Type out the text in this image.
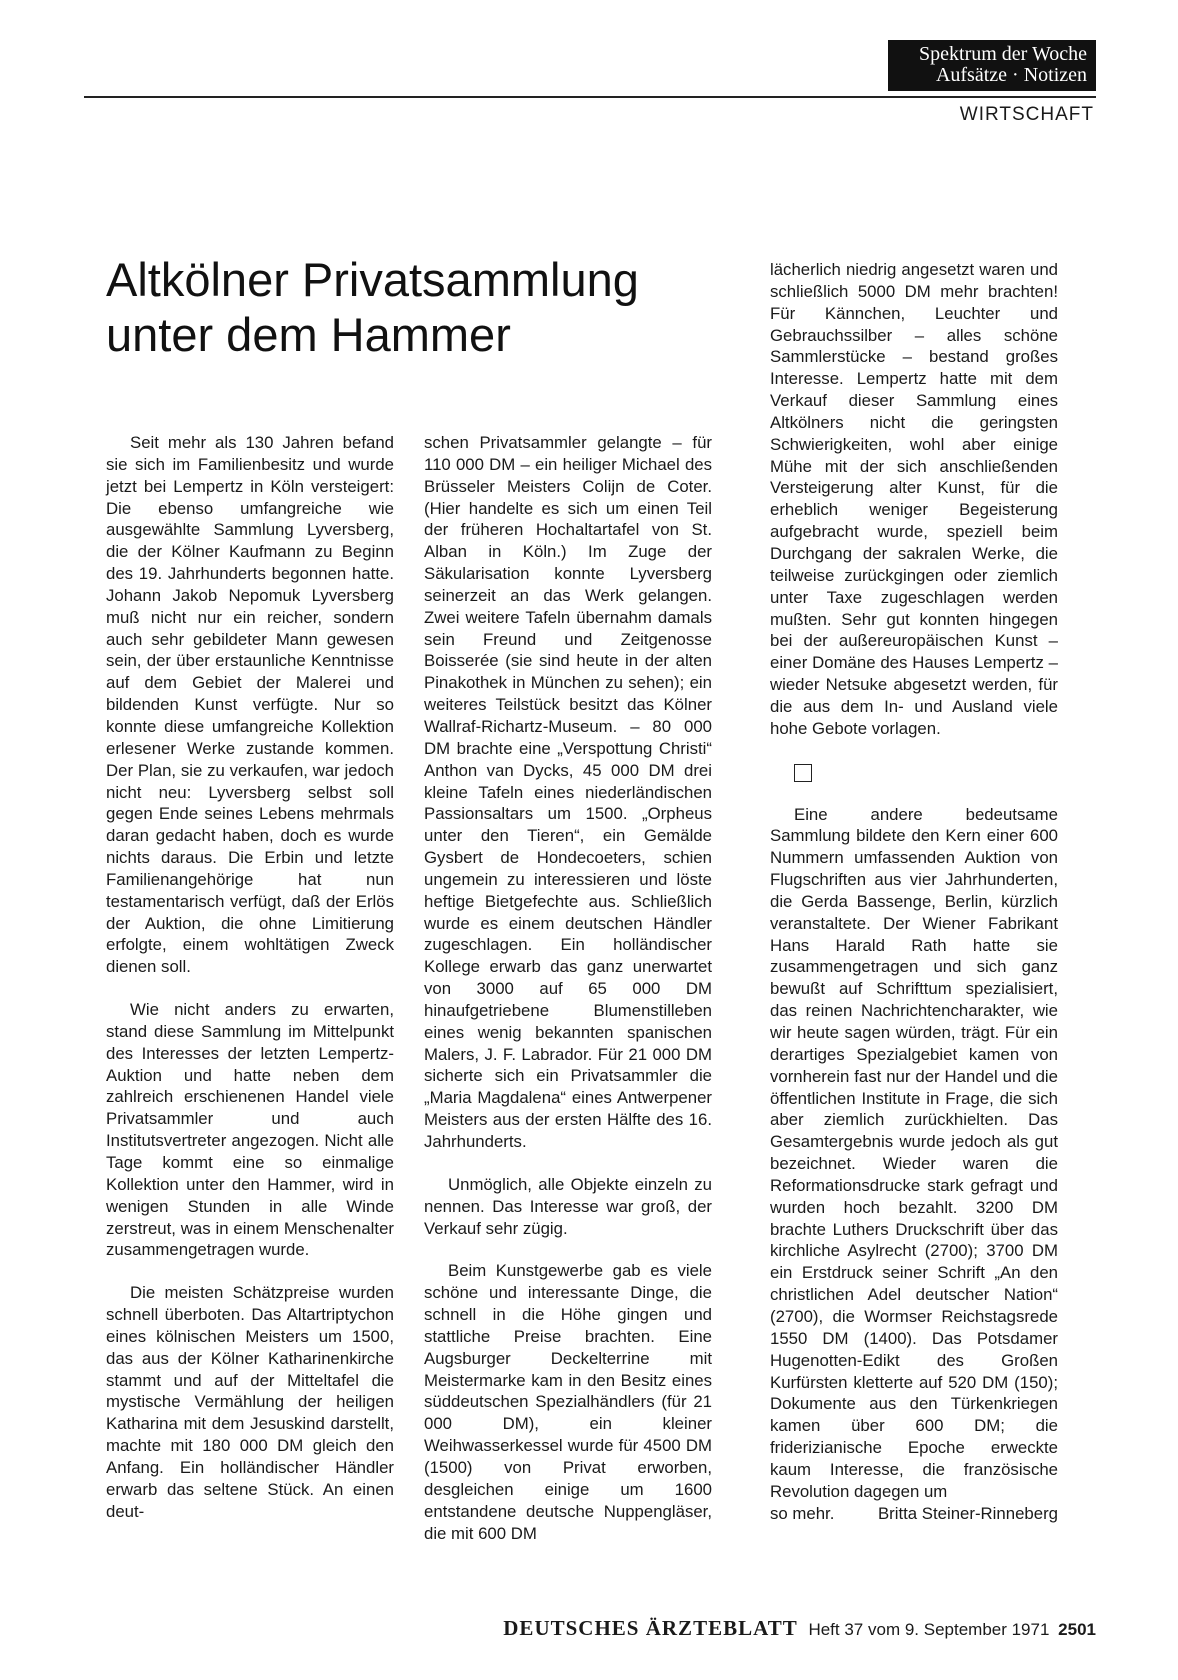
Spektrum der Woche
Aufsätze · Notizen
WIRTSCHAFT
Altkölner Privatsammlung
unter dem Hammer

Seit mehr als 130 Jahren befand sie sich im Familienbesitz und wurde jetzt bei Lempertz in Köln versteigert: Die ebenso umfangreiche wie ausgewählte Sammlung Lyversberg, die der Kölner Kaufmann zu Beginn des 19. Jahrhunderts begonnen hatte. Johann Jakob Nepomuk Lyversberg muß nicht nur ein reicher, sondern auch sehr gebildeter Mann gewesen sein, der über erstaunliche Kenntnisse auf dem Gebiet der Malerei und bildenden Kunst verfügte. Nur so konnte diese umfangreiche Kollektion erlesener Werke zustande kommen. Der Plan, sie zu verkaufen, war jedoch nicht neu: Lyversberg selbst soll gegen Ende seines Lebens mehrmals daran gedacht haben, doch es wurde nichts daraus. Die Erbin und letzte Familienangehörige hat nun testamentarisch verfügt, daß der Erlös der Auktion, die ohne Limitierung erfolgte, einem wohltätigen Zweck dienen soll.

Wie nicht anders zu erwarten, stand diese Sammlung im Mittelpunkt des Interesses der letzten Lempertz-Auktion und hatte neben dem zahlreich erschienenen Handel viele Privatsammler und auch Institutsvertreter angezogen. Nicht alle Tage kommt eine so einmalige Kollektion unter den Hammer, wird in wenigen Stunden in alle Winde zerstreut, was in einem Menschenalter zusammengetragen wurde.

Die meisten Schätzpreise wurden schnell überboten. Das Altartriptychon eines kölnischen Meisters um 1500, das aus der Kölner Katharinenkirche stammt und auf der Mitteltafel die mystische Vermählung der heiligen Katharina mit dem Jesuskind darstellt, machte mit 180 000 DM gleich den Anfang. Ein holländischer Händler erwarb das seltene Stück. An einen deut-

schen Privatsammler gelangte – für 110 000 DM – ein heiliger Michael des Brüsseler Meisters Colijn de Coter. (Hier handelte es sich um einen Teil der früheren Hochaltartafel von St. Alban in Köln.) Im Zuge der Säkularisation konnte Lyversberg seinerzeit an das Werk gelangen. Zwei weitere Tafeln übernahm damals sein Freund und Zeitgenosse Boisserée (sie sind heute in der alten Pinakothek in München zu sehen); ein weiteres Teilstück besitzt das Kölner Wallraf-Richartz-Museum. – 80 000 DM brachte eine „Verspottung Christi“ Anthon van Dycks, 45 000 DM drei kleine Tafeln eines niederländischen Passionsaltars um 1500. „Orpheus unter den Tieren“, ein Gemälde Gysbert de Hondecoeters, schien ungemein zu interessieren und löste heftige Bietgefechte aus. Schließlich wurde es einem deutschen Händler zugeschlagen. Ein holländischer Kollege erwarb das ganz unerwartet von 3000 auf 65 000 DM hinaufgetriebene Blumenstilleben eines wenig bekannten spanischen Malers, J. F. Labrador. Für 21 000 DM sicherte sich ein Privatsammler die „Maria Magdalena“ eines Antwerpener Meisters aus der ersten Hälfte des 16. Jahrhunderts.

Unmöglich, alle Objekte einzeln zu nennen. Das Interesse war groß, der Verkauf sehr zügig.

Beim Kunstgewerbe gab es viele schöne und interessante Dinge, die schnell in die Höhe gingen und stattliche Preise brachten. Eine Augsburger Deckelterrine mit Meistermarke kam in den Besitz eines süddeutschen Spezialhändlers (für 21 000 DM), ein kleiner Weihwasserkessel wurde für 4500 DM (1500) von Privat erworben, desgleichen einige um 1600 entstandene deutsche Nuppengläser, die mit 600 DM

lächerlich niedrig angesetzt waren und schließlich 5000 DM mehr brachten! Für Kännchen, Leuchter und Gebrauchssilber – alles schöne Sammlerstücke – bestand großes Interesse. Lempertz hatte mit dem Verkauf dieser Sammlung eines Altkölners nicht die geringsten Schwierigkeiten, wohl aber einige Mühe mit der sich anschließenden Versteigerung alter Kunst, für die erheblich weniger Begeisterung aufgebracht wurde, speziell beim Durchgang der sakralen Werke, die teilweise zurückgingen oder ziemlich unter Taxe zugeschlagen werden mußten. Sehr gut konnten hingegen bei der außereuropäischen Kunst – einer Domäne des Hauses Lempertz – wieder Netsuke abgesetzt werden, für die aus dem In- und Ausland viele hohe Gebote vorlagen.

Eine andere bedeutsame Sammlung bildete den Kern einer 600 Nummern umfassenden Auktion von Flugschriften aus vier Jahrhunderten, die Gerda Bassenge, Berlin, kürzlich veranstaltete. Der Wiener Fabrikant Hans Harald Rath hatte sie zusammengetragen und sich ganz bewußt auf Schrifttum spezialisiert, das reinen Nachrichtencharakter, wie wir heute sagen würden, trägt. Für ein derartiges Spezialgebiet kamen von vornherein fast nur der Handel und die öffentlichen Institute in Frage, die sich aber ziemlich zurückhielten. Das Gesamtergebnis wurde jedoch als gut bezeichnet. Wieder waren die Reformationsdrucke stark gefragt und wurden hoch bezahlt. 3200 DM brachte Luthers Druckschrift über das kirchliche Asylrecht (2700); 3700 DM ein Erstdruck seiner Schrift „An den christlichen Adel deutscher Nation“ (2700), die Wormser Reichstagsrede 1550 DM (1400). Das Potsdamer Hugenotten-Edikt des Großen Kurfürsten kletterte auf 520 DM (150); Dokumente aus den Türkenkriegen kamen über 600 DM; die friderizianische Epoche erweckte kaum Interesse, die französische Revolution dagegen um

so mehr.	Britta Steiner-Rinneberg
DEUTSCHES ÄRZTEBLATT Heft 37 vom 9. September 1971 2501
